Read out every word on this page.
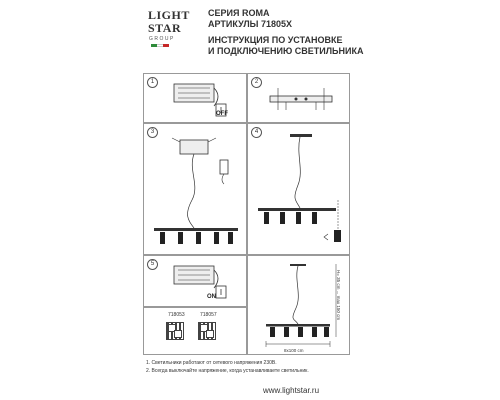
LIGHT
STAR
GROUP
СЕРИЯ ROMA
АРТИКУЛЫ 71805X
ИНСТРУКЦИЯ ПО УСТАНОВКЕ
И ПОДКЛЮЧЕНИЮ СВЕТИЛЬНИКА
1
OFF
2
3	4
5
ON
718053	718057
8x100 cm
H= 35 cm ... max 150 cm
1. Светильники работают от сетевого напряжения 230В.
2. Всегда выключайте напряжение, когда устанавливаете светильник.
www.lightstar.ru
